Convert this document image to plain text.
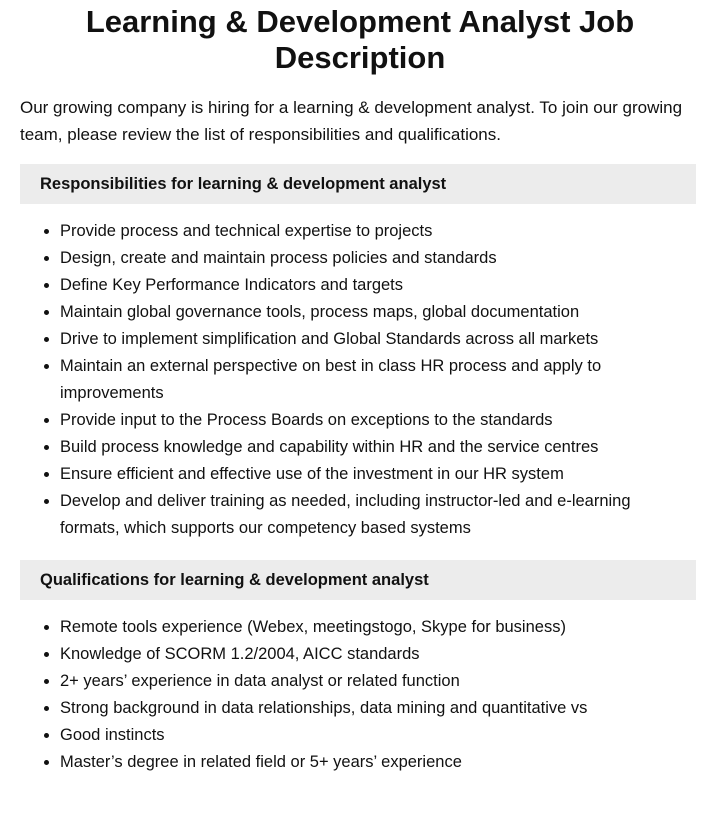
Learning & Development Analyst Job Description

Our growing company is hiring for a learning & development analyst. To join our growing team, please review the list of responsibilities and qualifications.

Responsibilities for learning & development analyst
• Provide process and technical expertise to projects
• Design, create and maintain process policies and standards
• Define Key Performance Indicators and targets
• Maintain global governance tools, process maps, global documentation
• Drive to implement simplification and Global Standards across all markets
• Maintain an external perspective on best in class HR process and apply to improvements
• Provide input to the Process Boards on exceptions to the standards
• Build process knowledge and capability within HR and the service centres
• Ensure efficient and effective use of the investment in our HR system
• Develop and deliver training as needed, including instructor-led and e-learning formats, which supports our competency based systems
Qualifications for learning & development analyst
• Remote tools experience (Webex, meetingstogo, Skype for business)
• Knowledge of SCORM 1.2/2004, AICC standards
• 2+ years’ experience in data analyst or related function
• Strong background in data relationships, data mining and quantitative vs
• Good instincts
• Master’s degree in related field or 5+ years’ experience
